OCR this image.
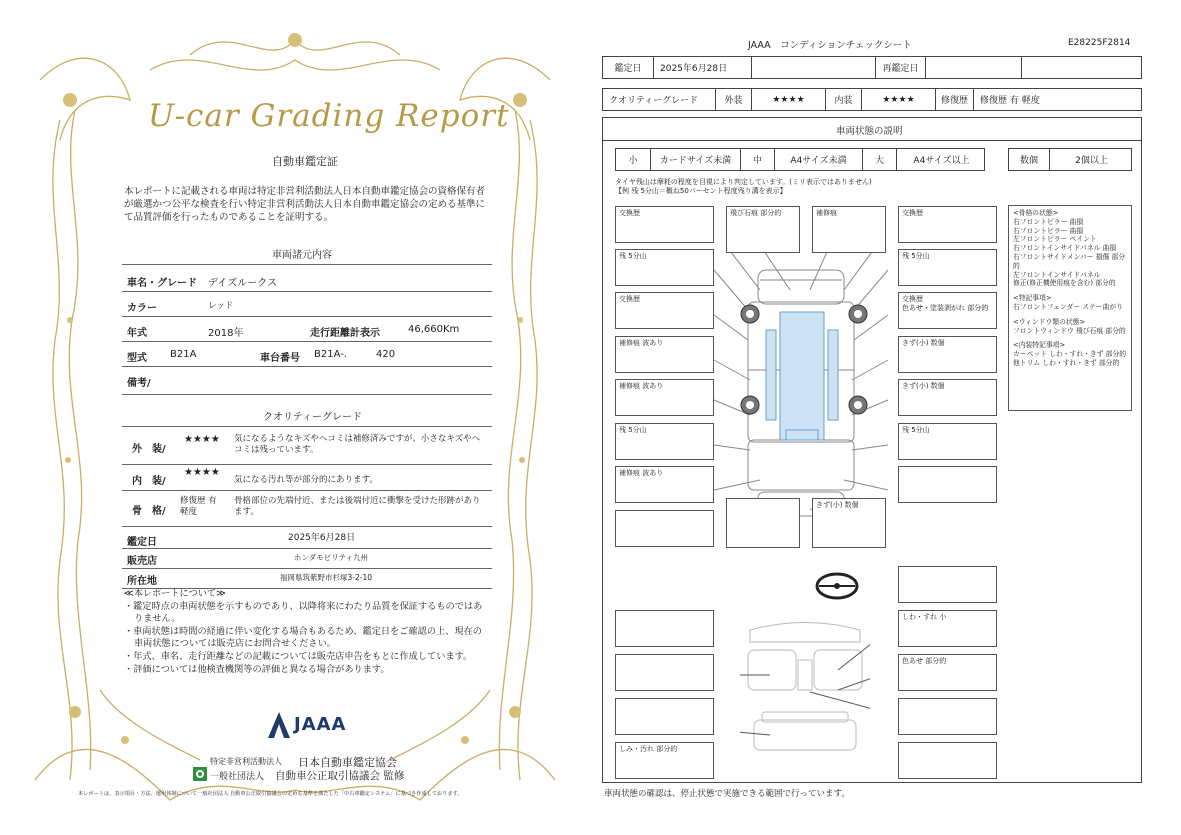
U-car Grading Report
自動車鑑定証
本レポートに記載される車両は特定非営利活動法人日本自動車鑑定協会の資格保有者が厳選かつ公平な検査を行い特定非営利活動法人日本自動車鑑定協会の定める基準にて品質評価を行ったものであることを証明する。
車両諸元内容
車名・グレード デイズルークス
カラー	レッド
年式	2018年	走行距離計表示	46,660Km
型式 B21A	車台番号 B21A-.	420
備考/
クオリティーグレード
外　装/
★★★★ 気になるようなキズやヘコミは補修済みですが、小さなキズやヘコミは残っています。
内　装/
★★★★
気になる汚れ等が部分的にあります。
骨　格/
修復歴 有 軽度
骨格部位の先端付近、または後端付近に衝撃を受けた形跡があります。
鑑定日	2025年6月28日
販売店	ホンダモビリティ九州
所在地	福岡県筑紫野市杉塚3-2-10
≪本レポートについて≫
・鑑定時点の車両状態を示すものであり、以降将来にわたり品質を保証するものではありません。
・車両状態は時間の経過に伴い変化する場合もあるため、鑑定日をご確認の上、現在の車両状態については販売店にお問合せください。
・年式、車名、走行距離などの記載については販売店申告をもとに作成しています。
・評価については他検査機関等の評価と異なる場合があります。
JAAA
特定非営利活動法人 日本自動車鑑定協会
一般社団法人 自動車公正取引協議会 監修
本レポートは、表示項目・方法、運用体制について一般社団法人 自動車公正取引協議会の定める基準を満たした「中古車鑑定システム」に基づき作成しております。
JAAA　コンディションチェックシート	E28225F2814
鑑定日	2025年6月28日	再鑑定日
クオリティーグレード	外装	★★★★	内装	★★★★	修復歴	修復歴 有 軽度
車両状態の説明
小	カードサイズ未満	中	A4サイズ未満	大	A4サイズ以上	数個	2個以上
タイヤ残山は摩耗の程度を目視により判定しています。(ミリ表示ではありません)
【例 残 5分山＝概ね50パーセント程度残り溝を表示】
交換歴
残 5分山
交換歴
補修痕 波あり
補修痕 波あり
残 5分山
補修痕 波あり
飛び石痕 部分的	補修痕
きず(小) 数個
交換歴
残 5分山
交換歴
色あせ・塗装剥がれ 部分的
きず(小) 数個
きず(小) 数個
残 5分山
しわ・すれ 小
色あせ 部分的
しみ・汚れ 部分的
<骨格の状態>
右フロントピラー 曲損
右フロントピラー 曲損
左フロントピラー ペイント
右フロントインサイドパネル 曲損
右フロントサイドメンバー 損傷 部分的
左フロントインサイドパネル
修正(修正機使用痕を含む) 部分的
<特記事項>
右フロントフェンダー ステー曲がり
<ウィンドウ類の状態>
フロントウィンドウ 飛び石痕 部分的
<内装特記事項>
カーペット しわ・すれ・きず 部分的
他トリム しわ・すれ・きず 部分的
車両状態の確認は、停止状態で実施できる範囲で行っています。
